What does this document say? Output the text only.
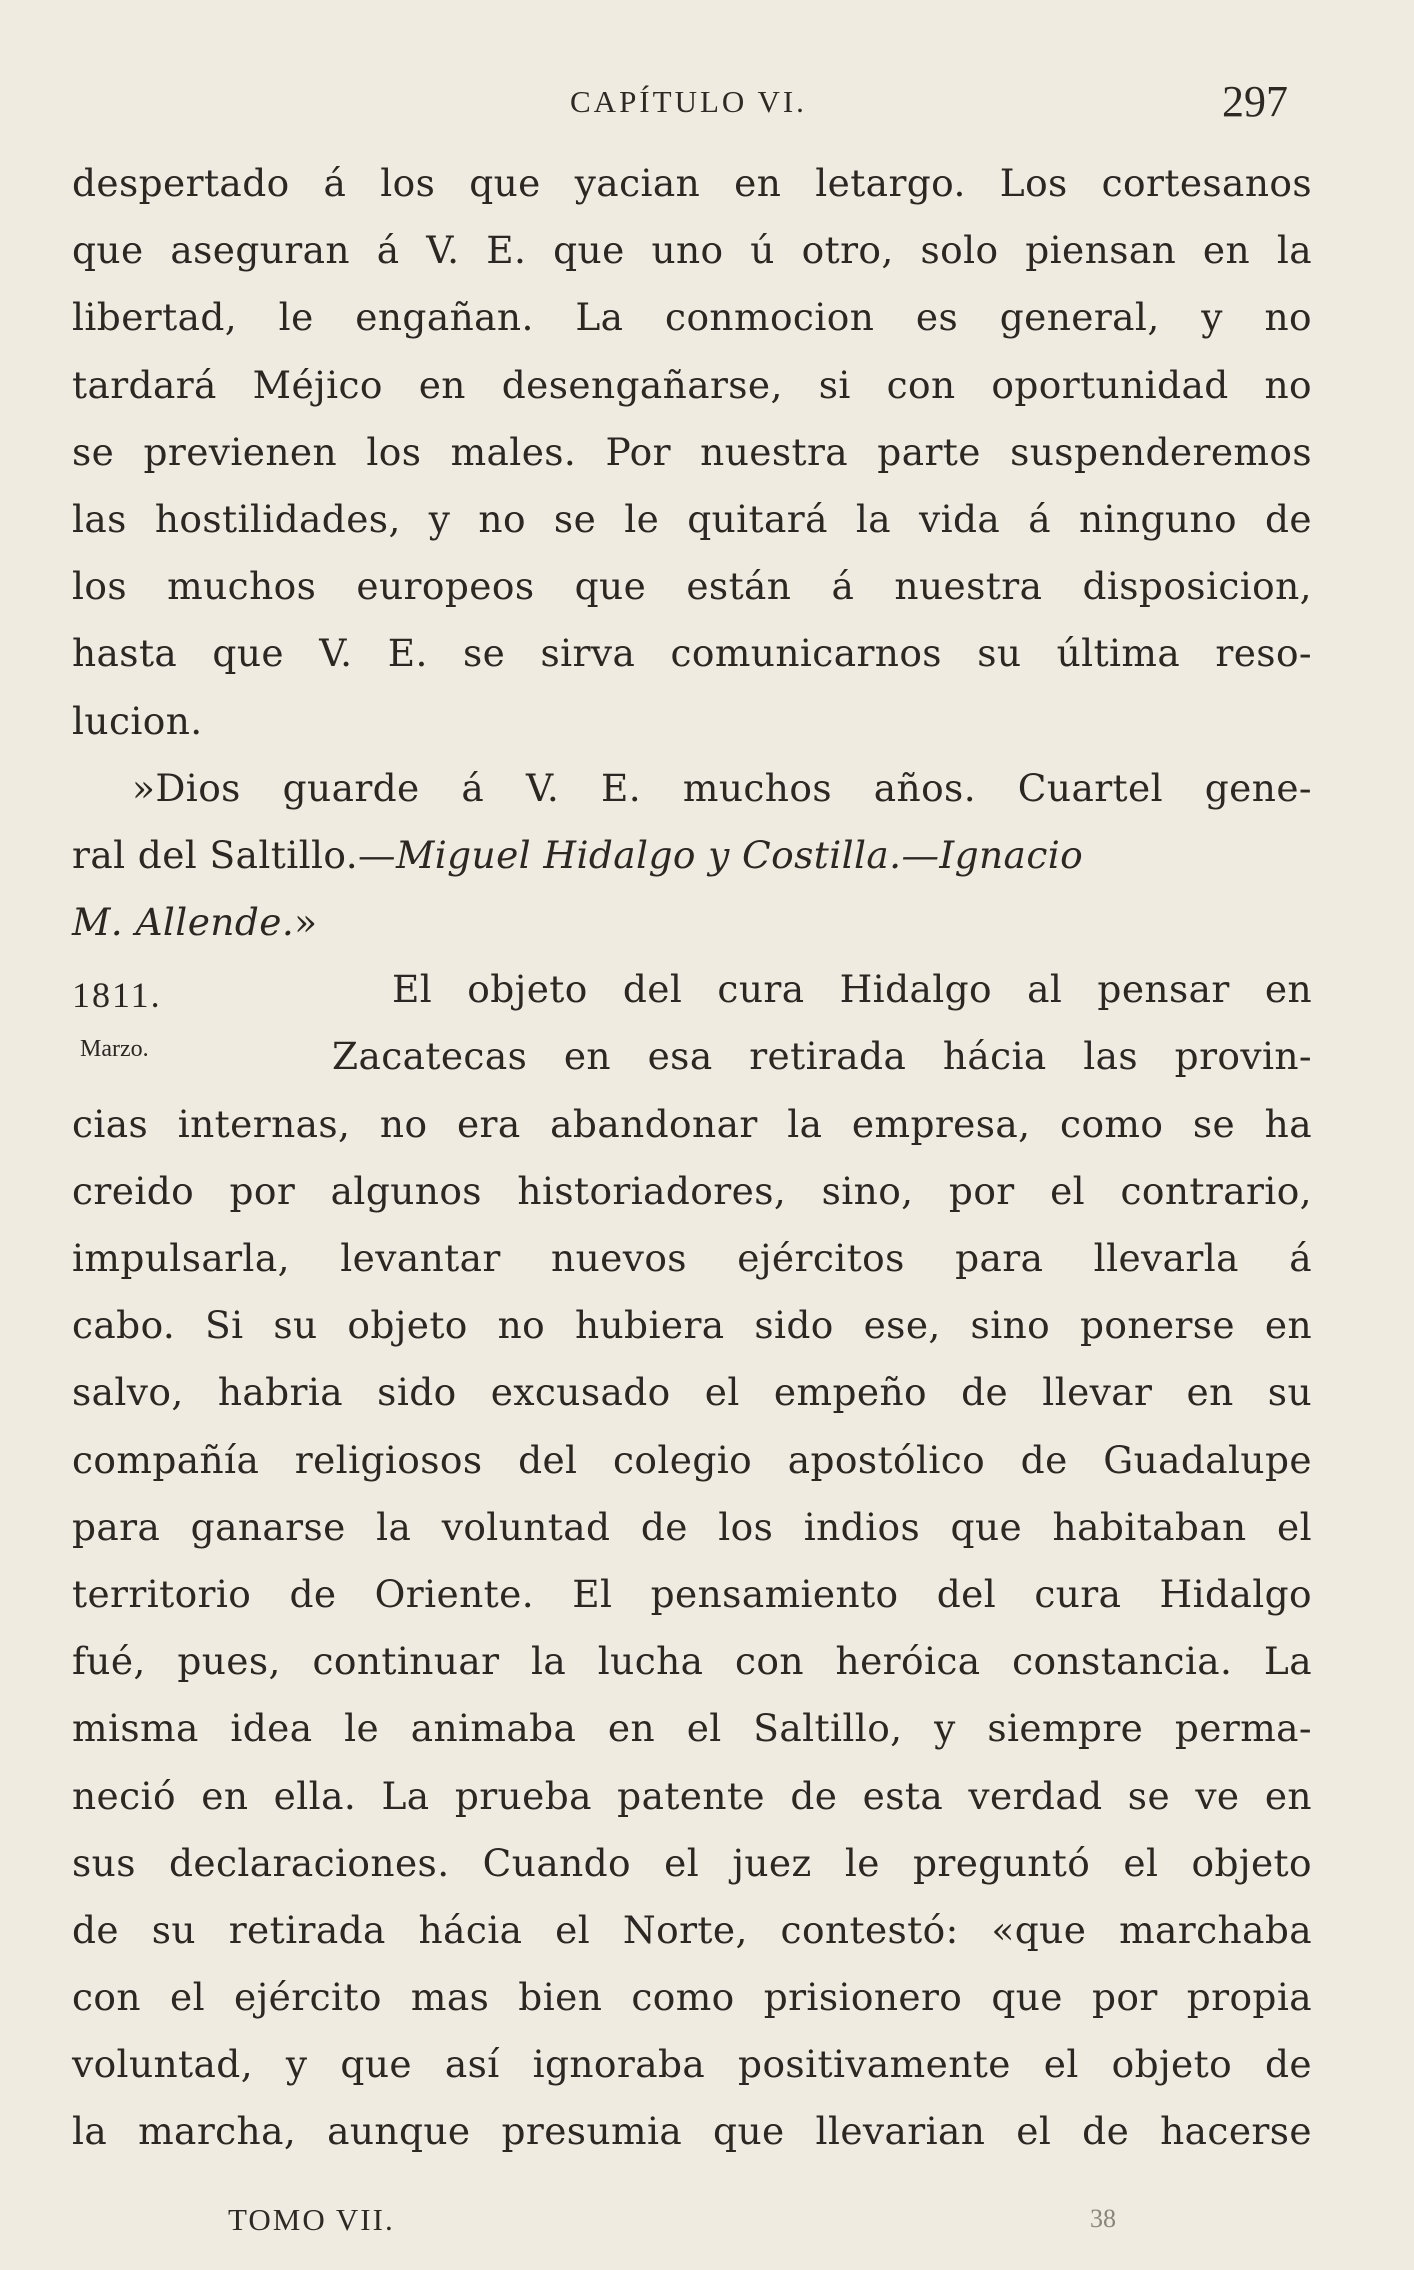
CAPÍTULO VI.	297
despertado á los que yacian en letargo. Los cortesanos
que aseguran á V. E. que uno ú otro, solo piensan en la
libertad, le engañan. La conmocion es general, y no
tardará Méjico en desengañarse, si con oportunidad no
se previenen los males. Por nuestra parte suspenderemos
las hostilidades, y no se le quitará la vida á ninguno de
los muchos europeos que están á nuestra disposicion,
hasta que V. E. se sirva comunicarnos su última reso-
lucion.
»Dios guarde á V. E. muchos años. Cuartel gene-
ral del Saltillo.—Miguel Hidalgo y Costilla.—Ignacio
M. Allende.»
1811.	El objeto del cura Hidalgo al pensar en
Marzo.	Zacatecas en esa retirada hácia las provin-
cias internas, no era abandonar la empresa, como se ha
creido por algunos historiadores, sino, por el contrario,
impulsarla, levantar nuevos ejércitos para llevarla á
cabo. Si su objeto no hubiera sido ese, sino ponerse en
salvo, habria sido excusado el empeño de llevar en su
compañía religiosos del colegio apostólico de Guadalupe
para ganarse la voluntad de los indios que habitaban el
territorio de Oriente. El pensamiento del cura Hidalgo
fué, pues, continuar la lucha con heróica constancia. La
misma idea le animaba en el Saltillo, y siempre perma-
neció en ella. La prueba patente de esta verdad se ve en
sus declaraciones. Cuando el juez le preguntó el objeto
de su retirada hácia el Norte, contestó: «que marchaba
con el ejército mas bien como prisionero que por propia
voluntad, y que así ignoraba positivamente el objeto de
la marcha, aunque presumia que llevarian el de hacerse
TOMO VII.	38
